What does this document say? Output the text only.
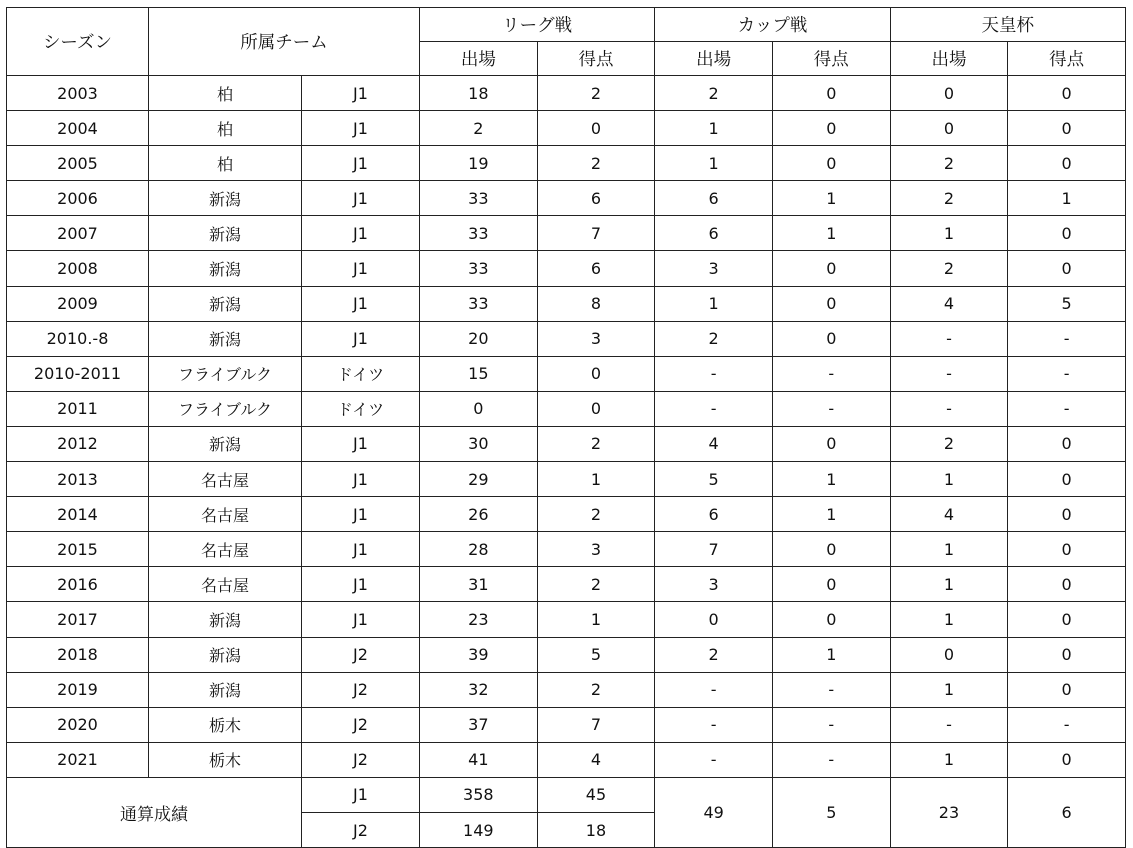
シーズン	所属チーム		リーグ戦		カップ戦		天皇杯	
			出場	得点	出場	得点	出場	得点
2003	柏	J1	18	2	2	0	0	0
2004	柏	J1	2	0	1	0	0	0
2005	柏	J1	19	2	1	0	2	0
2006	新潟	J1	33	6	6	1	2	1
2007	新潟	J1	33	7	6	1	1	0
2008	新潟	J1	33	6	3	0	2	0
2009	新潟	J1	33	8	1	0	4	5
2010.-8	新潟	J1	20	3	2	0	-	-
2010-2011	フライブルク	ドイツ	15	0	-	-	-	-
2011	フライブルク	ドイツ	0	0	-	-	-	-
2012	新潟	J1	30	2	4	0	2	0
2013	名古屋	J1	29	1	5	1	1	0
2014	名古屋	J1	26	2	6	1	4	0
2015	名古屋	J1	28	3	7	0	1	0
2016	名古屋	J1	31	2	3	0	1	0
2017	新潟	J1	23	1	0	0	1	0
2018	新潟	J2	39	5	2	1	0	0
2019	新潟	J2	32	2	-	-	1	0
2020	栃木	J2	37	7	-	-	-	-
2021	栃木	J2	41	4	-	-	1	0
通算成績		J1	358	45	49	5	23	6
		J2	149	18				
